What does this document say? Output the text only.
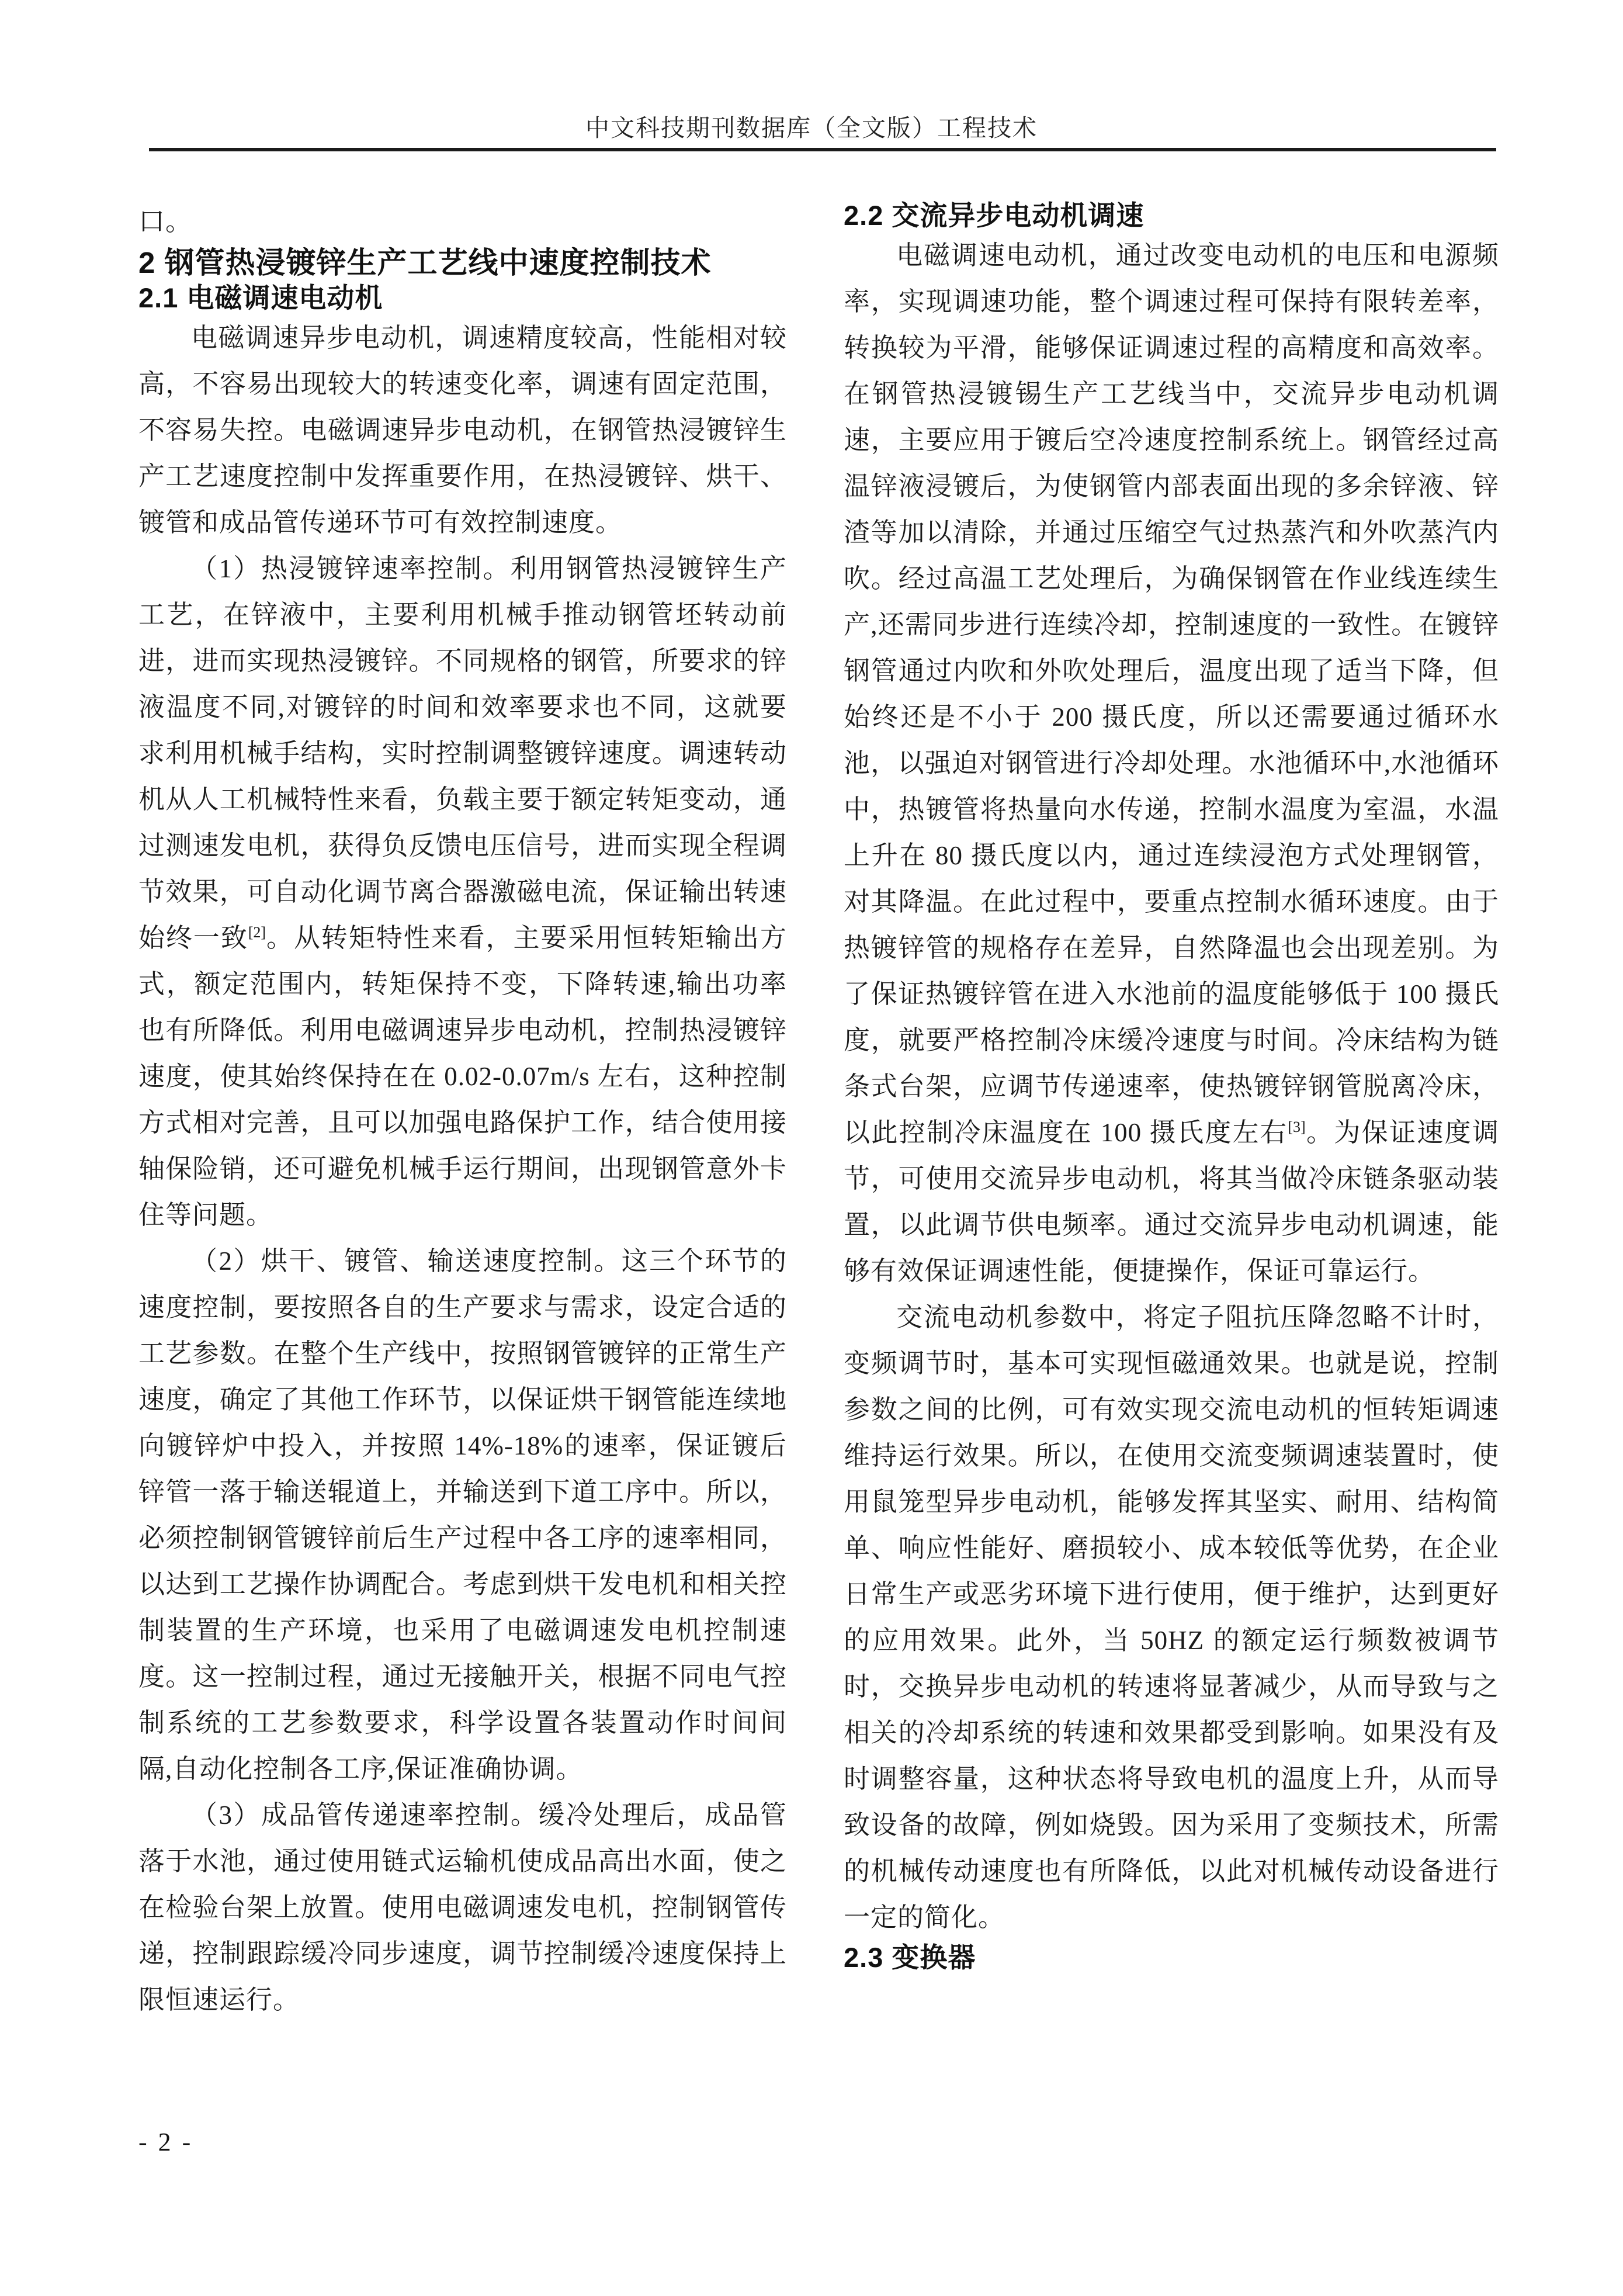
中文科技期刊数据库（全文版）工程技术

口。

2 钢管热浸镀锌生产工艺线中速度控制技术
2.1 电磁调速电动机

电磁调速异步电动机，调速精度较高，性能相对较高，不容易出现较大的转速变化率，调速有固定范围，不容易失控。电磁调速异步电动机，在钢管热浸镀锌生产工艺速度控制中发挥重要作用，在热浸镀锌、烘干、镀管和成品管传递环节可有效控制速度。

（1）热浸镀锌速率控制。利用钢管热浸镀锌生产工艺，在锌液中，主要利用机械手推动钢管坯转动前进，进而实现热浸镀锌。不同规格的钢管，所要求的锌液温度不同,对镀锌的时间和效率要求也不同，这就要求利用机械手结构，实时控制调整镀锌速度。调速转动机从人工机械特性来看，负载主要于额定转矩变动，通过测速发电机，获得负反馈电压信号，进而实现全程调节效果，可自动化调节离合器激磁电流，保证输出转速始终一致[2]。从转矩特性来看，主要采用恒转矩输出方式，额定范围内，转矩保持不变，下降转速,输出功率也有所降低。利用电磁调速异步电动机，控制热浸镀锌速度，使其始终保持在在 0.02-0.07m/s 左右，这种控制方式相对完善，且可以加强电路保护工作，结合使用接轴保险销，还可避免机械手运行期间，出现钢管意外卡住等问题。

（2）烘干、镀管、输送速度控制。这三个环节的速度控制，要按照各自的生产要求与需求，设定合适的工艺参数。在整个生产线中，按照钢管镀锌的正常生产速度，确定了其他工作环节，以保证烘干钢管能连续地向镀锌炉中投入，并按照 14%-18%的速率，保证镀后锌管一落于输送辊道上，并输送到下道工序中。所以，必须控制钢管镀锌前后生产过程中各工序的速率相同，以达到工艺操作协调配合。考虑到烘干发电机和相关控制装置的生产环境，也采用了电磁调速发电机控制速度。这一控制过程，通过无接触开关，根据不同电气控制系统的工艺参数要求，科学设置各装置动作时间间隔,自动化控制各工序,保证准确协调。

（3）成品管传递速率控制。缓冷处理后，成品管落于水池，通过使用链式运输机使成品高出水面，使之在检验台架上放置。使用电磁调速发电机，控制钢管传递，控制跟踪缓冷同步速度，调节控制缓冷速度保持上限恒速运行。

2.2 交流异步电动机调速

电磁调速电动机，通过改变电动机的电压和电源频率，实现调速功能，整个调速过程可保持有限转差率，转换较为平滑，能够保证调速过程的高精度和高效率。在钢管热浸镀锡生产工艺线当中，交流异步电动机调速，主要应用于镀后空冷速度控制系统上。钢管经过高温锌液浸镀后，为使钢管内部表面出现的多余锌液、锌渣等加以清除，并通过压缩空气过热蒸汽和外吹蒸汽内吹。经过高温工艺处理后，为确保钢管在作业线连续生产,还需同步进行连续冷却，控制速度的一致性。在镀锌钢管通过内吹和外吹处理后，温度出现了适当下降，但始终还是不小于 200 摄氏度，所以还需要通过循环水池，以强迫对钢管进行冷却处理。水池循环中,水池循环中，热镀管将热量向水传递，控制水温度为室温，水温上升在 80 摄氏度以内，通过连续浸泡方式处理钢管，对其降温。在此过程中，要重点控制水循环速度。由于热镀锌管的规格存在差异，自然降温也会出现差别。为了保证热镀锌管在进入水池前的温度能够低于 100 摄氏度，就要严格控制冷床缓冷速度与时间。冷床结构为链条式台架，应调节传递速率，使热镀锌钢管脱离冷床，以此控制冷床温度在 100 摄氏度左右[3]。为保证速度调节，可使用交流异步电动机，将其当做冷床链条驱动装置，以此调节供电频率。通过交流异步电动机调速，能够有效保证调速性能，便捷操作，保证可靠运行。

交流电动机参数中，将定子阻抗压降忽略不计时，变频调节时，基本可实现恒磁通效果。也就是说，控制参数之间的比例，可有效实现交流电动机的恒转矩调速维持运行效果。所以，在使用交流变频调速装置时，使用鼠笼型异步电动机，能够发挥其坚实、耐用、结构简单、响应性能好、磨损较小、成本较低等优势，在企业日常生产或恶劣环境下进行使用，便于维护，达到更好的应用效果。此外，当 50HZ 的额定运行频数被调节时，交换异步电动机的转速将显著减少，从而导致与之相关的冷却系统的转速和效果都受到影响。如果没有及时调整容量，这种状态将导致电机的温度上升，从而导致设备的故障，例如烧毁。因为采用了变频技术，所需的机械传动速度也有所降低，以此对机械传动设备进行一定的简化。

2.3 变换器
- 2 -
